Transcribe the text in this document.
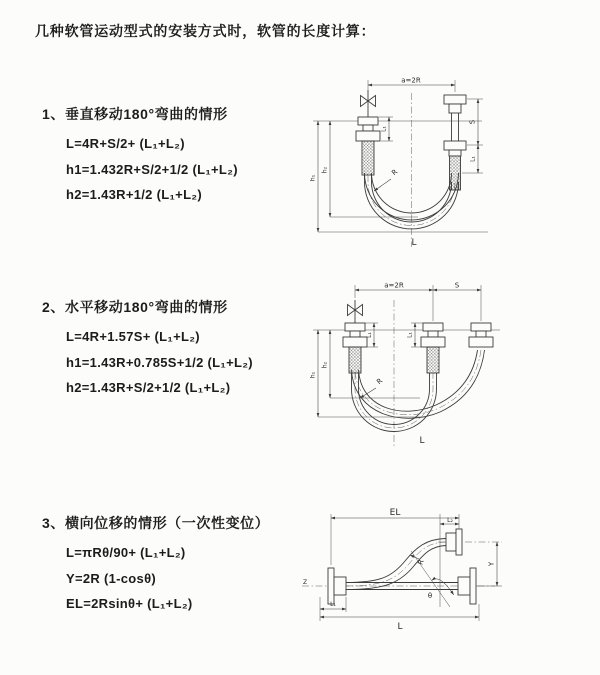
几种软管运动型式的安装方式时，软管的长度计算：
1、垂直移动180°弯曲的情形
L=4R+S/2+ (L₁+L₂)
h1=1.432R+S/2+1/2 (L₁+L₂)
h2=1.43R+1/2 (L₁+L₂)
a=2R
S
L₁
L₁
h₂
h₁
L
R
2、水平移动180°弯曲的情形
L=4R+1.57S+ (L₁+L₂)
h1=1.43R+0.785S+1/2 (L₁+L₂)
h2=1.43R+S/2+1/2 (L₁+L₂)
a=2R	S
L₁	L₁
h₂
h₁
L
R
3、横向位移的情形（一次性变位）
L=πRθ/90+ (L₁+L₂)
Y=2R (1-cosθ)
EL=2Rsinθ+ (L₁+L₂)
Z
EL
L₂
Y
θ
R
L₁
L
